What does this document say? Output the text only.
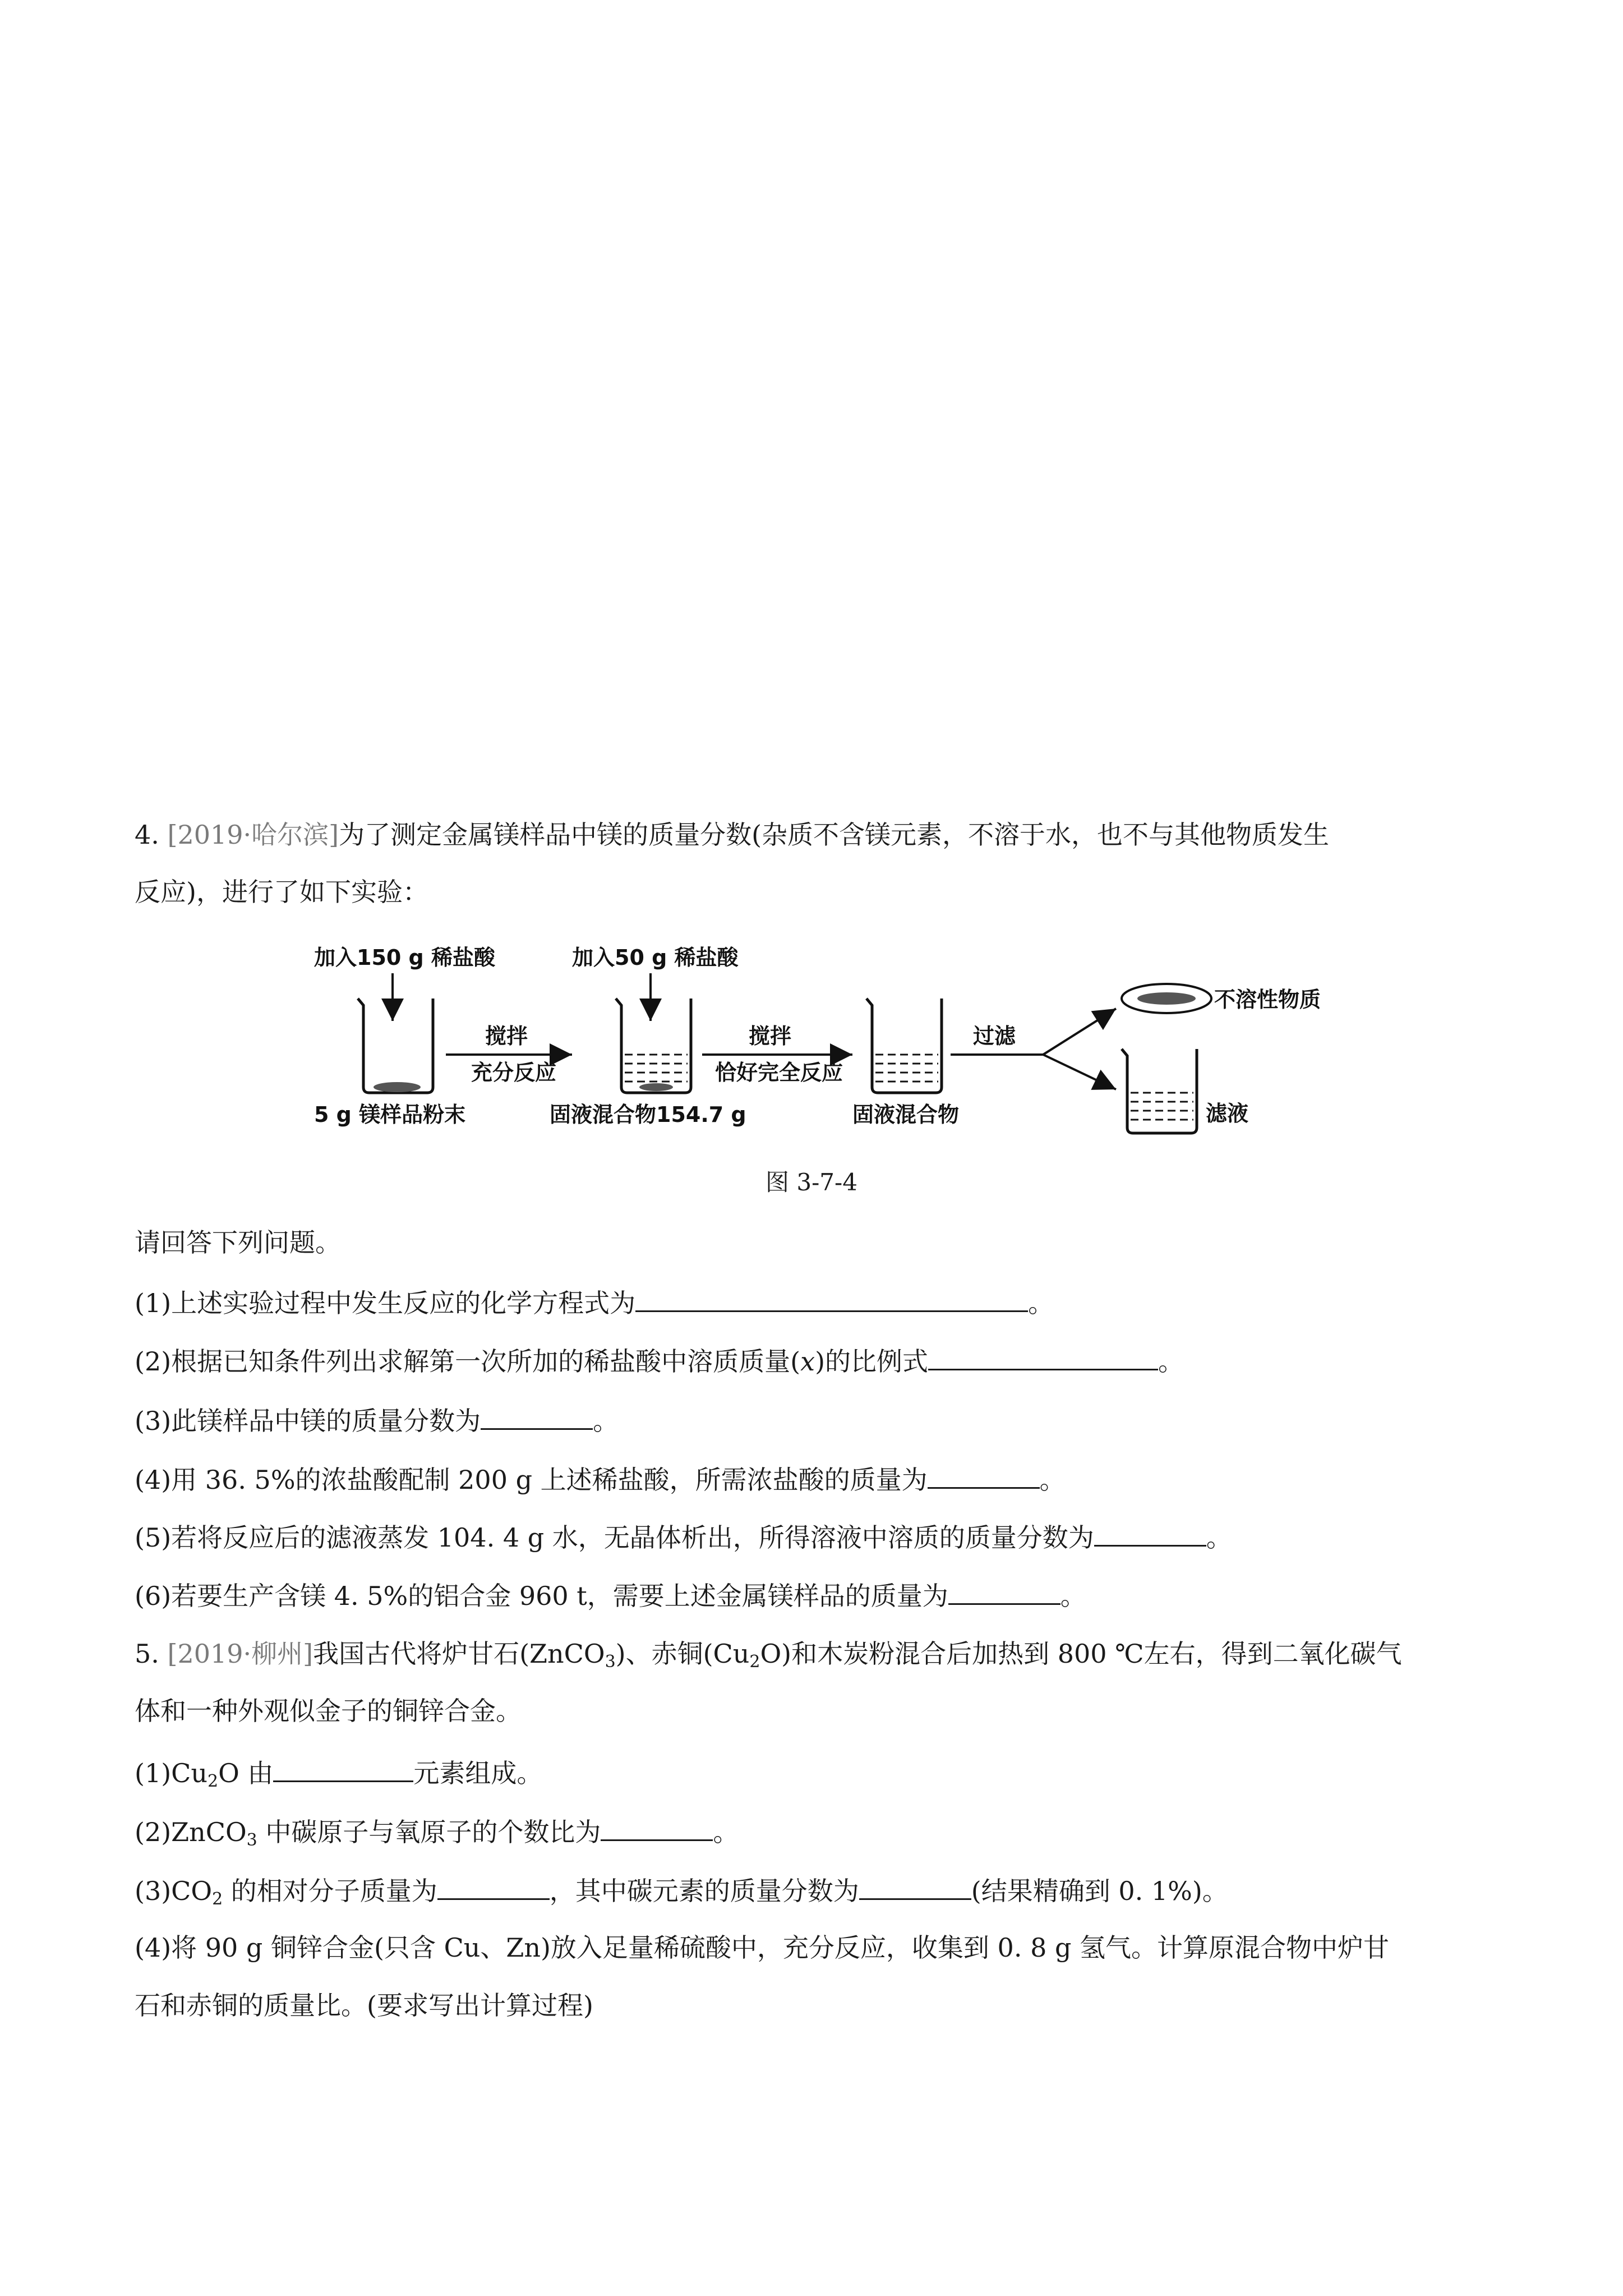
4. [2019·哈尔滨]为了测定金属镁样品中镁的质量分数(杂质不含镁元素，不溶于水，也不与其他物质发生
反应)，进行了如下实验：
加入150 g 稀盐酸	加入50 g 稀盐酸
搅拌
充分反应
搅拌
恰好完全反应
过滤
不溶性物质
滤液
5 g 镁样品粉末	固液混合物154.7 g	固液混合物
图 3-7-4
请回答下列问题。
(1)上述实验过程中发生反应的化学方程式为	。
(2)根据已知条件列出求解第一次所加的稀盐酸中溶质质量(x)的比例式	。
(3)此镁样品中镁的质量分数为	。
(4)用 36. 5%的浓盐酸配制 200 g 上述稀盐酸，所需浓盐酸的质量为	。
(5)若将反应后的滤液蒸发 104. 4 g 水，无晶体析出，所得溶液中溶质的质量分数为	。
(6)若要生产含镁 4. 5%的铝合金 960 t，需要上述金属镁样品的质量为	。
5. [2019·柳州]我国古代将炉甘石(ZnCO$_3$)、赤铜$(Cu_2O)$和木炭粉混合后加热到 800 ℃左右，得到二氧化碳气
体和一种外观似金子的铜锌合金。
$(1)Cu_2O$ 由	元素组成。
(2)ZnCO$_3$ 中碳原子与氧原子的个数比为	。
$(3)CO_2$ 的相对分子质量为	，其中碳元素的质量分数为	(结果精确到 0. 1%)。
(4)将 90 g 铜锌合金(只含 Cu、Zn)放入足量稀硫酸中，充分反应，收集到 0. 8 g 氢气。计算原混合物中炉甘
石和赤铜的质量比。(要求写出计算过程)
